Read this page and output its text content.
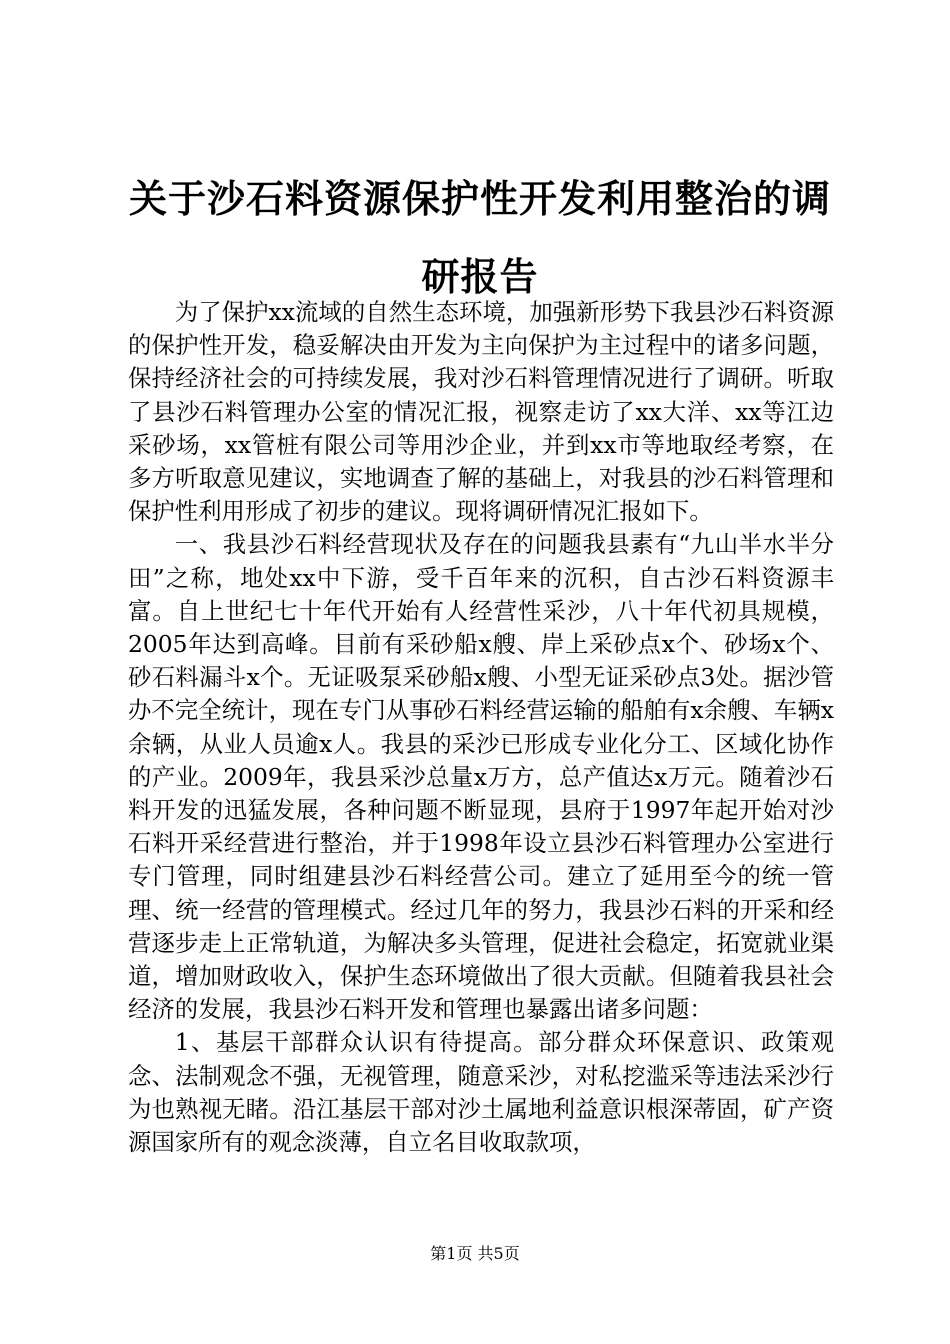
关于沙石料资源保护性开发利用整治的调研报告

为了保护xx流域的自然生态环境，加强新形势下我县沙石料资源的保护性开发，稳妥解决由开发为主向保护为主过程中的诸多问题，保持经济社会的可持续发展，我对沙石料管理情况进行了调研。听取了县沙石料管理办公室的情况汇报，视察走访了xx大洋、xx等江边采砂场，xx管桩有限公司等用沙企业，并到xx市等地取经考察，在多方听取意见建议，实地调查了解的基础上，对我县的沙石料管理和保护性利用形成了初步的建议。现将调研情况汇报如下。

一、我县沙石料经营现状及存在的问题我县素有“九山半水半分田”之称，地处xx中下游，受千百年来的沉积，自古沙石料资源丰富。自上世纪七十年代开始有人经营性采沙，八十年代初具规模，2005年达到高峰。目前有采砂船x艘、岸上采砂点x个、砂场x个、砂石料漏斗x个。无证吸泵采砂船x艘、小型无证采砂点3处。据沙管办不完全统计，现在专门从事砂石料经营运输的船舶有x余艘、车辆x余辆，从业人员逾x人。我县的采沙已形成专业化分工、区域化协作的产业。2009年，我县采沙总量x万方，总产值达x万元。随着沙石料开发的迅猛发展，各种问题不断显现，县府于1997年起开始对沙石料开采经营进行整治，并于1998年设立县沙石料管理办公室进行专门管理，同时组建县沙石料经营公司。建立了延用至今的统一管理、统一经营的管理模式。经过几年的努力，我县沙石料的开采和经营逐步走上正常轨道，为解决多头管理，促进社会稳定，拓宽就业渠道，增加财政收入，保护生态环境做出了很大贡献。但随着我县社会经济的发展，我县沙石料开发和管理也暴露出诸多问题：

1、基层干部群众认识有待提高。部分群众环保意识、政策观念、法制观念不强，无视管理，随意采沙，对私挖滥采等违法采沙行为也熟视无睹。沿江基层干部对沙土属地利益意识根深蒂固，矿产资源国家所有的观念淡薄，自立名目收取款项，

第1页 共5页
